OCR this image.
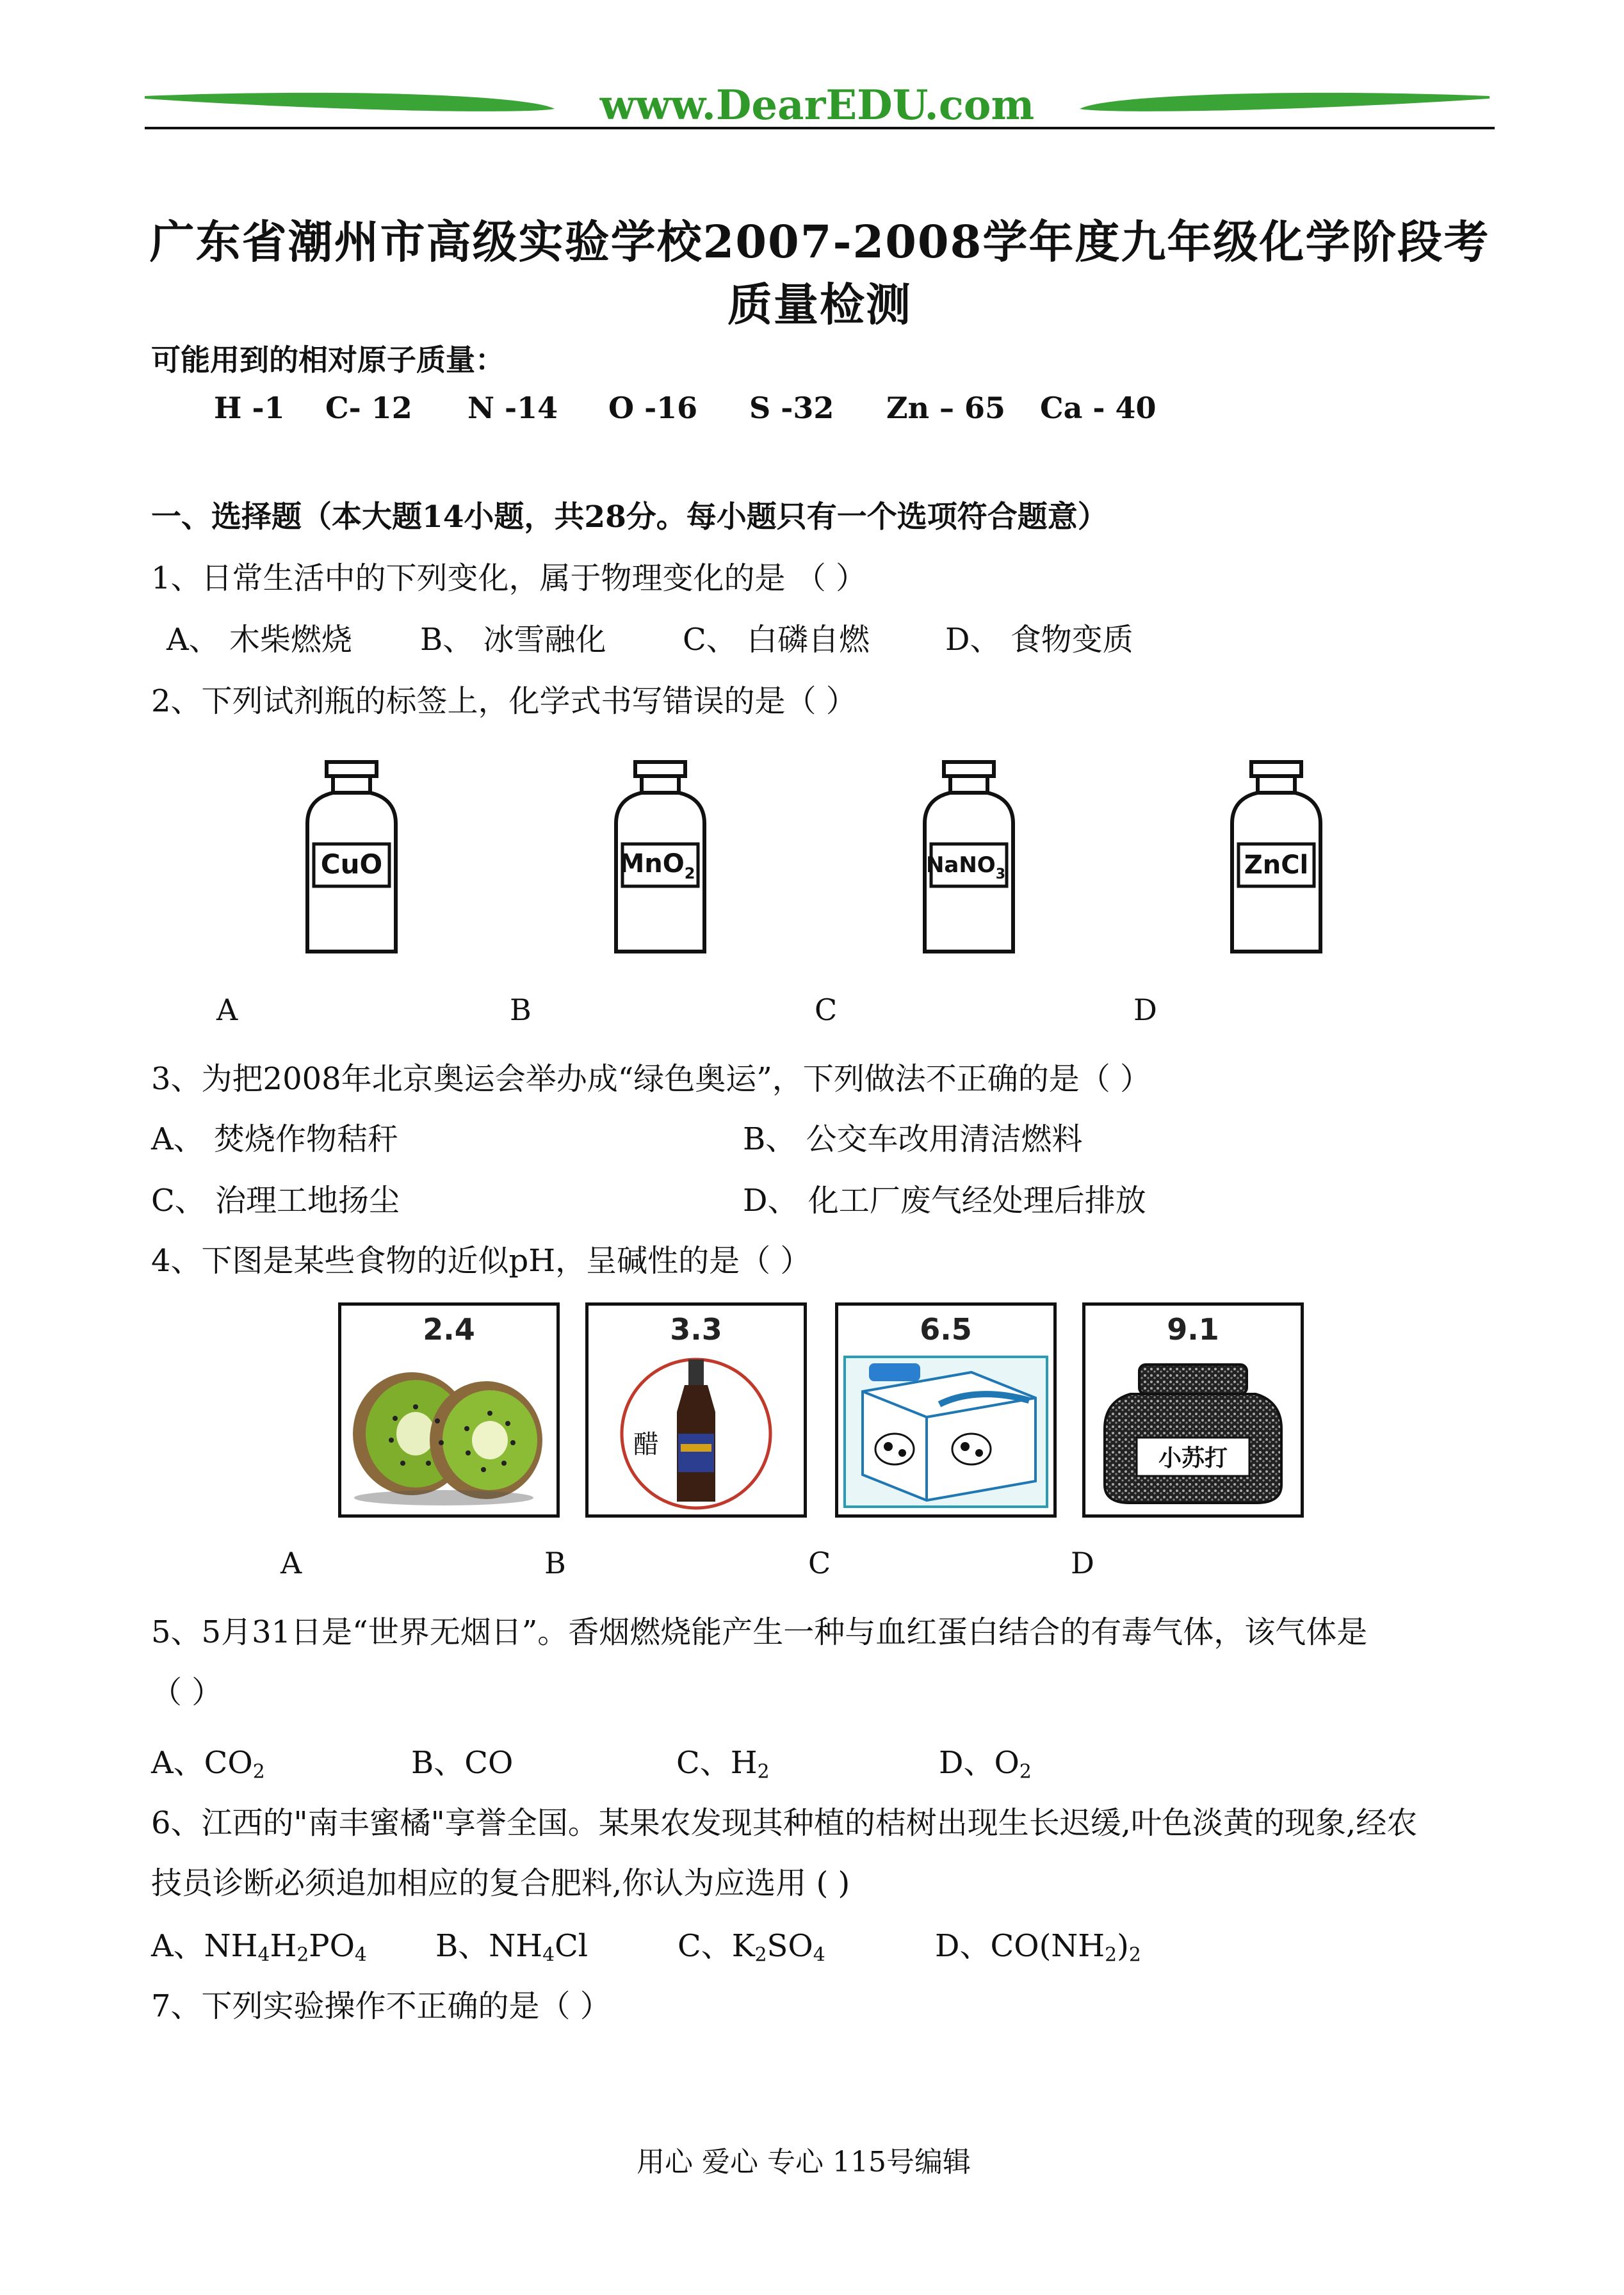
www.DearEDU.com
广东省潮州市高级实验学校2007-2008学年度九年级化学阶段考
质量检测
可能用到的相对原子质量：
H -1 C- 12 N -14 O -16 S -32 Zn – 65 Ca - 40
一、选择题（本大题14小题，共28分。每小题只有一个选项符合题意）
1、日常生活中的下列变化，属于物理变化的是 （ ）
A、 木柴燃烧 B、 冰雪融化 C、 白磷自燃 D、 食物变质
2、下列试剂瓶的标签上，化学式书写错误的是（ ）
CuO	MnO$_2$	NaNO$_3$	ZnCl
A	B	C	D
3、为把2008年北京奥运会举办成“绿色奥运”，下列做法不正确的是（ ）
A、 焚烧作物秸秆	B、 公交车改用清洁燃料
C、 治理工地扬尘	D、 化工厂废气经处理后排放
4、下图是某些食物的近似pH，呈碱性的是（ ）
2.4	3.3
醋
6.5	9.1
小苏打
A	B	C	D
5、5月31日是“世界无烟日”。香烟燃烧能产生一种与血红蛋白结合的有毒气体，该气体是
（ ）
A、$CO_2$	B、CO	C、$H_2$	D、$O_2$
6、江西的"南丰蜜橘"享誉全国。某果农发现其种植的桔树出现生长迟缓,叶色淡黄的现象,经农
技员诊断必须追加相应的复合肥料,你认为应选用 ( )
A、$NH_4H_2PO_4$ B、$NH_4Cl$	C、$K_2SO_4$	D、$CO(NH_2)_2$
7、下列实验操作不正确的是（ ）
用心 爱心 专心 115号编辑
